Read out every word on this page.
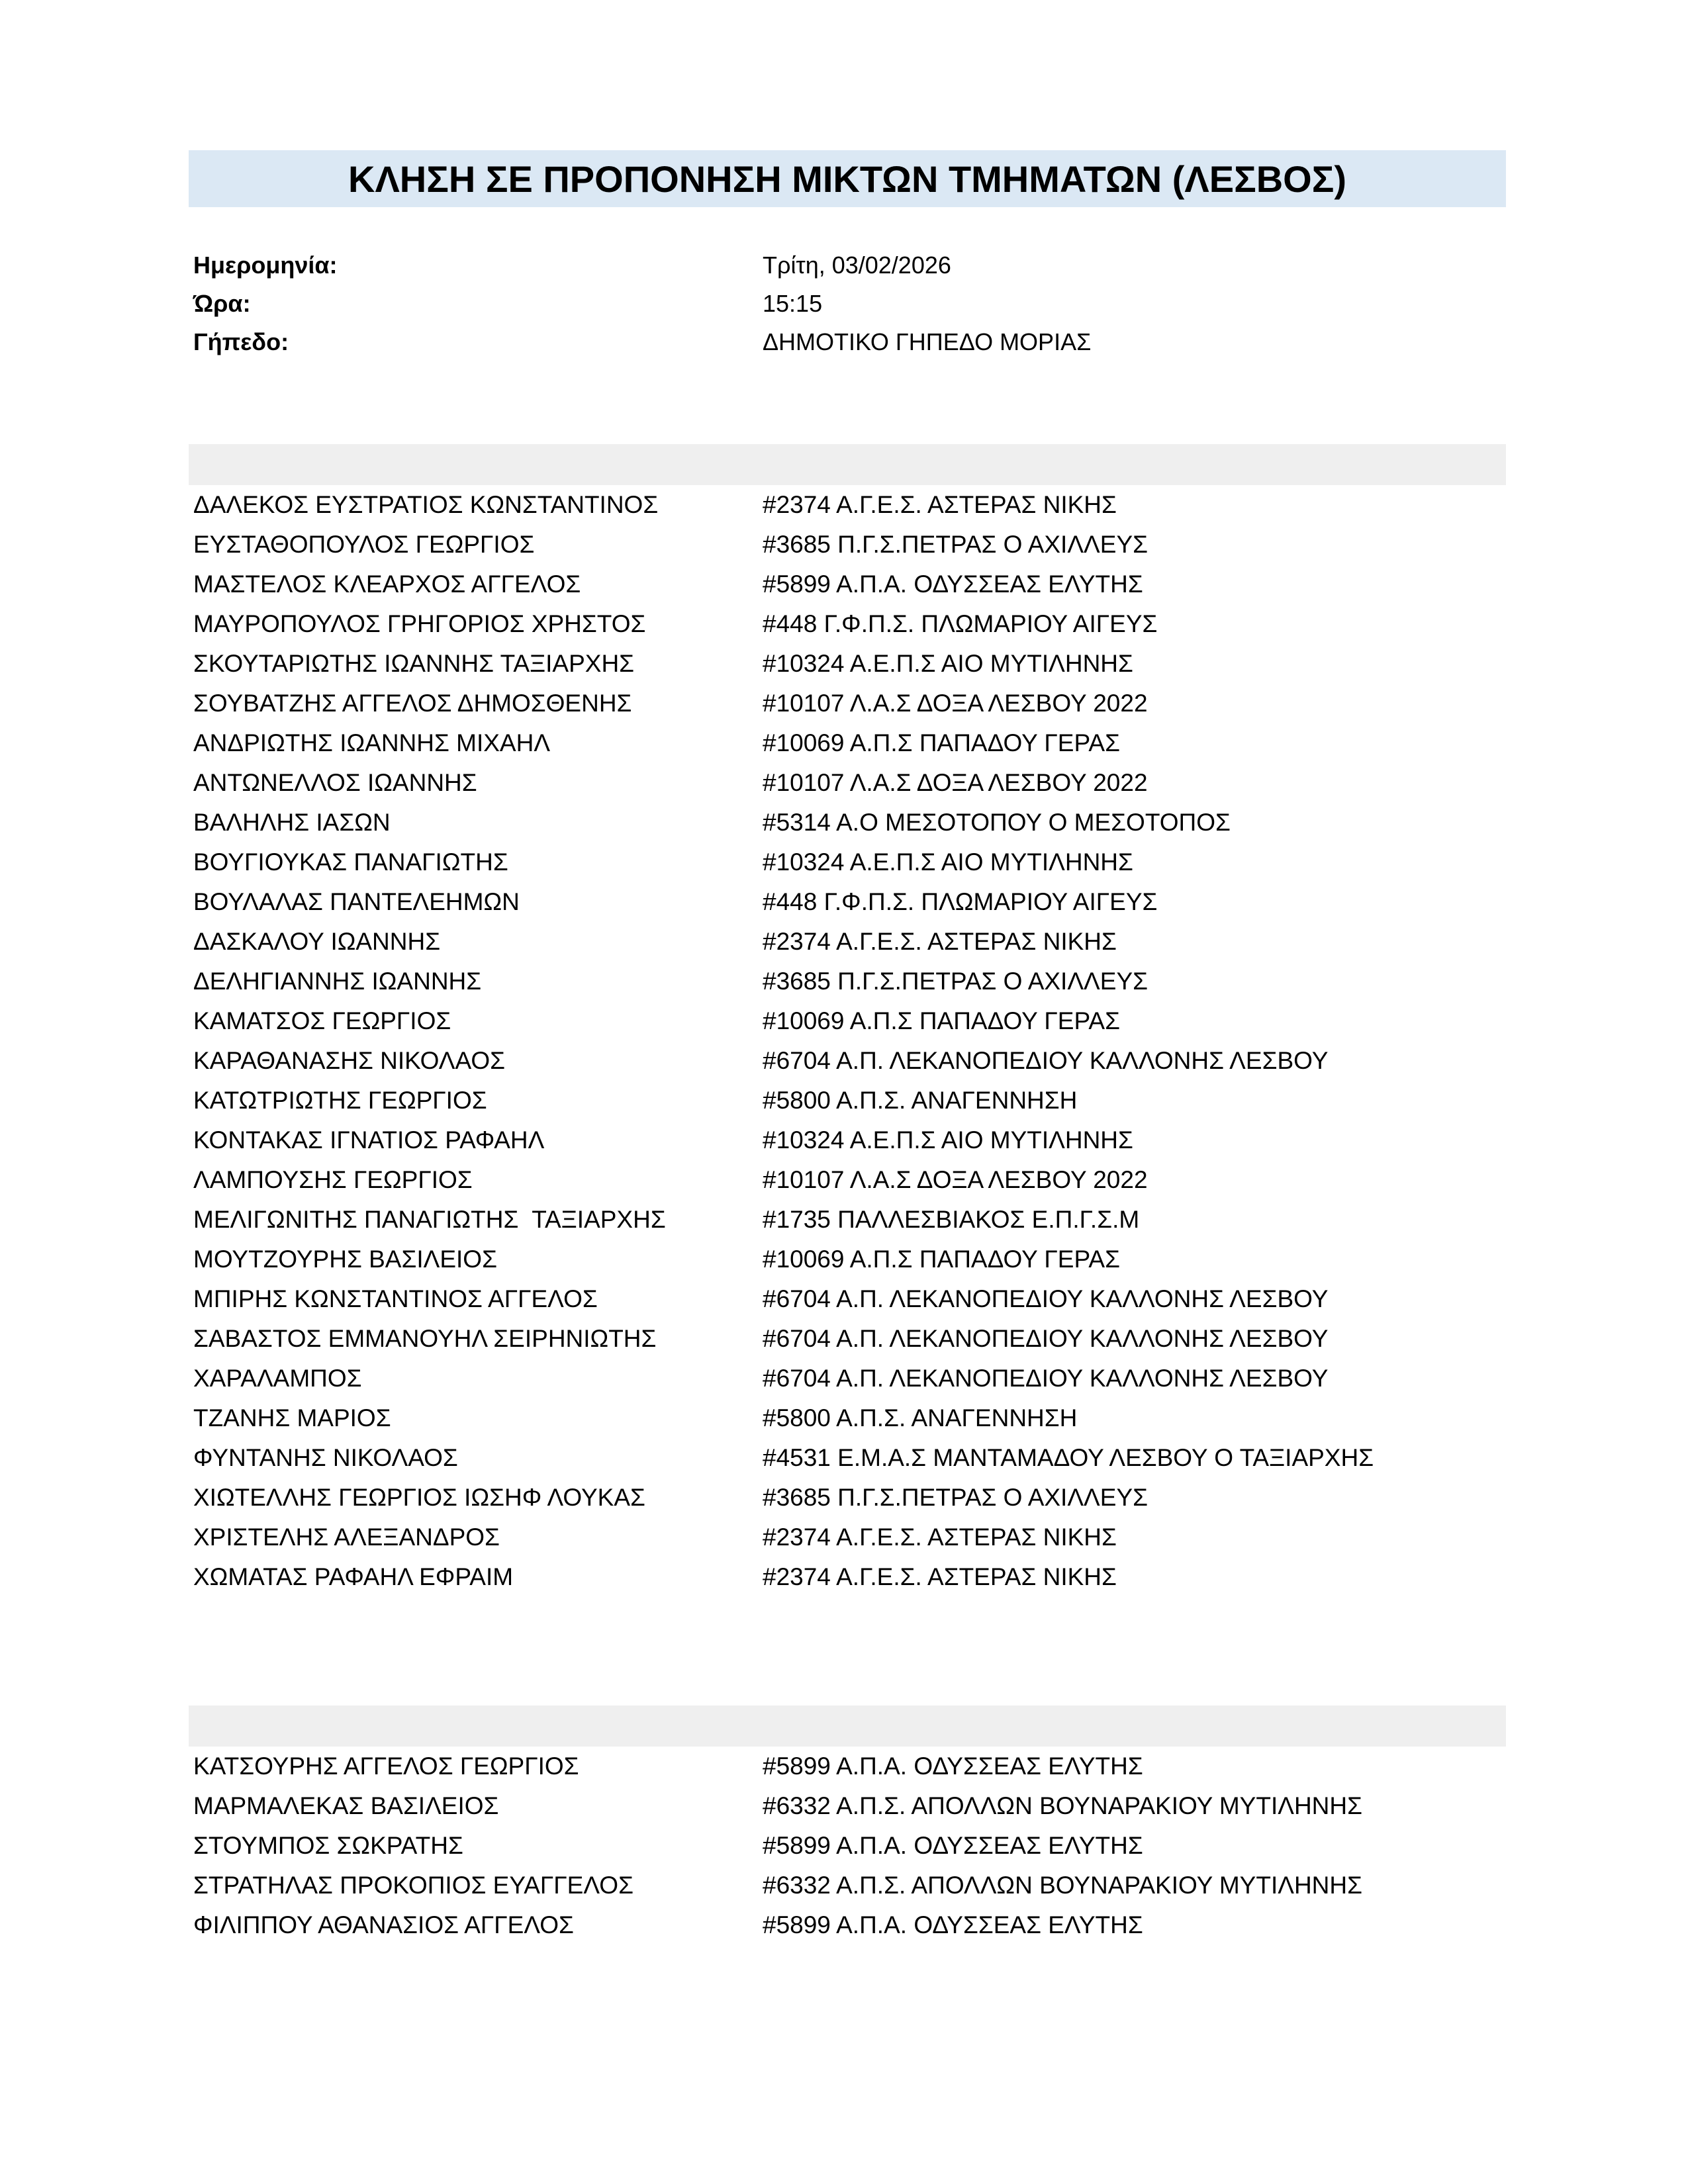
ΚΛΗΣΗ ΣΕ ΠΡΟΠΟΝΗΣΗ ΜΙΚΤΩΝ ΤΜΗΜΑΤΩΝ (ΛΕΣΒΟΣ)
Ημερομηνία:	Τρίτη, 03/02/2026
Ώρα:	15:15
Γήπεδο:	ΔΗΜΟΤΙΚΟ ΓΗΠΕΔΟ ΜΟΡΙΑΣ
ΔΑΛΕΚΟΣ ΕΥΣΤΡΑΤΙΟΣ ΚΩΝΣΤΑΝΤΙΝΟΣ	#2374 Α.Γ.Ε.Σ. ΑΣΤΕΡΑΣ ΝΙΚΗΣ
ΕΥΣΤΑΘΟΠΟΥΛΟΣ ΓΕΩΡΓΙΟΣ	#3685 Π.Γ.Σ.ΠΕΤΡΑΣ Ο ΑΧΙΛΛΕΥΣ
ΜΑΣΤΕΛΟΣ ΚΛΕΑΡΧΟΣ ΑΓΓΕΛΟΣ	#5899 Α.Π.Α. ΟΔΥΣΣΕΑΣ ΕΛΥΤΗΣ
ΜΑΥΡΟΠΟΥΛΟΣ ΓΡΗΓΟΡΙΟΣ ΧΡΗΣΤΟΣ	#448 Γ.Φ.Π.Σ. ΠΛΩΜΑΡΙΟΥ ΑΙΓΕΥΣ
ΣΚΟΥΤΑΡΙΩΤΗΣ ΙΩΑΝΝΗΣ ΤΑΞΙΑΡΧΗΣ	#10324 Α.Ε.Π.Σ ΑΙΟ ΜΥΤΙΛΗΝΗΣ
ΣΟΥΒΑΤΖΗΣ ΑΓΓΕΛΟΣ ΔΗΜΟΣΘΕΝΗΣ	#10107 Λ.Α.Σ ΔΟΞΑ ΛΕΣΒΟΥ 2022
ΑΝΔΡΙΩΤΗΣ ΙΩΑΝΝΗΣ ΜΙΧΑΗΛ	#10069 Α.Π.Σ ΠΑΠΑΔΟΥ ΓΕΡΑΣ
ΑΝΤΩΝΕΛΛΟΣ ΙΩΑΝΝΗΣ	#10107 Λ.Α.Σ ΔΟΞΑ ΛΕΣΒΟΥ 2022
ΒΑΛΗΛΗΣ ΙΑΣΩΝ	#5314 Α.Ο ΜΕΣΟΤΟΠΟΥ Ο ΜΕΣΟΤΟΠΟΣ
ΒΟΥΓΙΟΥΚΑΣ ΠΑΝΑΓΙΩΤΗΣ	#10324 Α.Ε.Π.Σ ΑΙΟ ΜΥΤΙΛΗΝΗΣ
ΒΟΥΛΑΛΑΣ ΠΑΝΤΕΛΕΗΜΩΝ	#448 Γ.Φ.Π.Σ. ΠΛΩΜΑΡΙΟΥ ΑΙΓΕΥΣ
ΔΑΣΚΑΛΟΥ ΙΩΑΝΝΗΣ	#2374 Α.Γ.Ε.Σ. ΑΣΤΕΡΑΣ ΝΙΚΗΣ
ΔΕΛΗΓΙΑΝΝΗΣ ΙΩΑΝΝΗΣ	#3685 Π.Γ.Σ.ΠΕΤΡΑΣ Ο ΑΧΙΛΛΕΥΣ
ΚΑΜΑΤΣΟΣ ΓΕΩΡΓΙΟΣ	#10069 Α.Π.Σ ΠΑΠΑΔΟΥ ΓΕΡΑΣ
ΚΑΡΑΘΑΝΑΣΗΣ ΝΙΚΟΛΑΟΣ	#6704 Α.Π. ΛΕΚΑΝΟΠΕΔΙΟΥ ΚΑΛΛΟΝΗΣ ΛΕΣΒΟΥ
ΚΑΤΩΤΡΙΩΤΗΣ ΓΕΩΡΓΙΟΣ	#5800 Α.Π.Σ. ΑΝΑΓΕΝΝΗΣΗ
ΚΟΝΤΑΚΑΣ ΙΓΝΑΤΙΟΣ ΡΑΦΑΗΛ	#10324 Α.Ε.Π.Σ ΑΙΟ ΜΥΤΙΛΗΝΗΣ
ΛΑΜΠΟΥΣΗΣ ΓΕΩΡΓΙΟΣ	#10107 Λ.Α.Σ ΔΟΞΑ ΛΕΣΒΟΥ 2022
ΜΕΛΙΓΩΝΙΤΗΣ ΠΑΝΑΓΙΩΤΗΣ  ΤΑΞΙΑΡΧΗΣ	#1735 ΠΑΛΛΕΣΒΙΑΚΟΣ Ε.Π.Γ.Σ.Μ
ΜΟΥΤΖΟΥΡΗΣ ΒΑΣΙΛΕΙΟΣ	#10069 Α.Π.Σ ΠΑΠΑΔΟΥ ΓΕΡΑΣ
ΜΠΙΡΗΣ ΚΩΝΣΤΑΝΤΙΝΟΣ ΑΓΓΕΛΟΣ	#6704 Α.Π. ΛΕΚΑΝΟΠΕΔΙΟΥ ΚΑΛΛΟΝΗΣ ΛΕΣΒΟΥ
ΣΑΒΑΣΤΟΣ ΕΜΜΑΝΟΥΗΛ ΣΕΙΡΗΝΙΩΤΗΣ	#6704 Α.Π. ΛΕΚΑΝΟΠΕΔΙΟΥ ΚΑΛΛΟΝΗΣ ΛΕΣΒΟΥ
ΧΑΡΑΛΑΜΠΟΣ	#6704 Α.Π. ΛΕΚΑΝΟΠΕΔΙΟΥ ΚΑΛΛΟΝΗΣ ΛΕΣΒΟΥ
ΤΖΑΝΗΣ ΜΑΡΙΟΣ	#5800 Α.Π.Σ. ΑΝΑΓΕΝΝΗΣΗ
ΦΥΝΤΑΝΗΣ ΝΙΚΟΛΑΟΣ	#4531 Ε.Μ.Α.Σ ΜΑΝΤΑΜΑΔΟΥ ΛΕΣΒΟΥ Ο ΤΑΞΙΑΡΧΗΣ
ΧΙΩΤΕΛΛΗΣ ΓΕΩΡΓΙΟΣ ΙΩΣΗΦ ΛΟΥΚΑΣ	#3685 Π.Γ.Σ.ΠΕΤΡΑΣ Ο ΑΧΙΛΛΕΥΣ
ΧΡΙΣΤΕΛΗΣ ΑΛΕΞΑΝΔΡΟΣ	#2374 Α.Γ.Ε.Σ. ΑΣΤΕΡΑΣ ΝΙΚΗΣ
ΧΩΜΑΤΑΣ ΡΑΦΑΗΛ ΕΦΡΑΙΜ	#2374 Α.Γ.Ε.Σ. ΑΣΤΕΡΑΣ ΝΙΚΗΣ
ΚΑΤΣΟΥΡΗΣ ΑΓΓΕΛΟΣ ΓΕΩΡΓΙΟΣ	#5899 Α.Π.Α. ΟΔΥΣΣΕΑΣ ΕΛΥΤΗΣ
ΜΑΡΜΑΛΕΚΑΣ ΒΑΣΙΛΕΙΟΣ	#6332 Α.Π.Σ. ΑΠΟΛΛΩΝ ΒΟΥΝΑΡΑΚΙΟΥ ΜΥΤΙΛΗΝΗΣ
ΣΤΟΥΜΠΟΣ ΣΩΚΡΑΤΗΣ	#5899 Α.Π.Α. ΟΔΥΣΣΕΑΣ ΕΛΥΤΗΣ
ΣΤΡΑΤΗΛΑΣ ΠΡΟΚΟΠΙΟΣ ΕΥΑΓΓΕΛΟΣ	#6332 Α.Π.Σ. ΑΠΟΛΛΩΝ ΒΟΥΝΑΡΑΚΙΟΥ ΜΥΤΙΛΗΝΗΣ
ΦΙΛΙΠΠΟΥ ΑΘΑΝΑΣΙΟΣ ΑΓΓΕΛΟΣ	#5899 Α.Π.Α. ΟΔΥΣΣΕΑΣ ΕΛΥΤΗΣ
